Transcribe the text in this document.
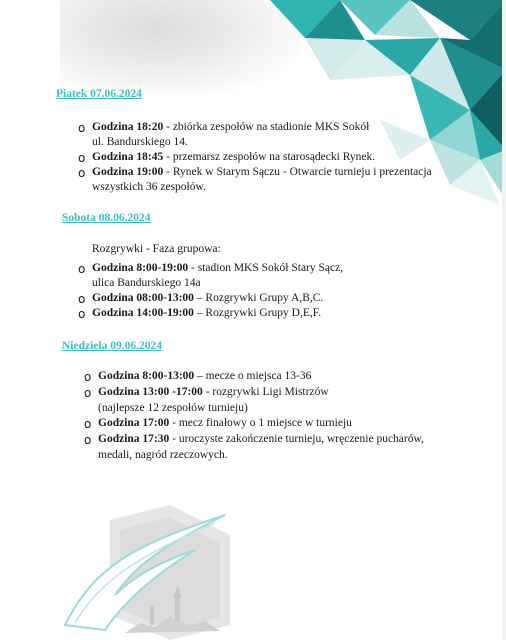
Piatek 07.06.2024
o Godzina 18:20 - zbiórka zespołów na stadionie MKS Sokół
ul. Bandurskiego 14.
o Godzina 18:45 - przemarsz zespołów na starosądecki Rynek.
o Godzina 19:00 - Rynek w Starym Sączu - Otwarcie turnieju i prezentacja
wszystkich 36 zespołów.
Sobota 08.06.2024
Rozgrywki - Faza grupowa:
o Godzina 8:00-19:00 - stadion MKS Sokół Stary Sącz,
ulica Bandurskiego 14a
o Godzina 08:00-13:00 – Rozgrywki Grupy A,B,C.
o Godzina 14:00-19:00 – Rozgrywki Grupy D,E,F.
Niedziela 09.06.2024
o Godzina 8:00-13:00 – mecze o miejsca 13-36
o Godzina 13:00 -17:00 - rozgrywki Ligi Mistrzów
(najlepsze 12 zespołów turnieju)
o Godzina 17:00 - mecz finałowy o 1 miejsce w turnieju
o Godzina 17:30 - uroczyste zakończenie turnieju, wręczenie pucharów,
medali, nagród rzeczowych.
